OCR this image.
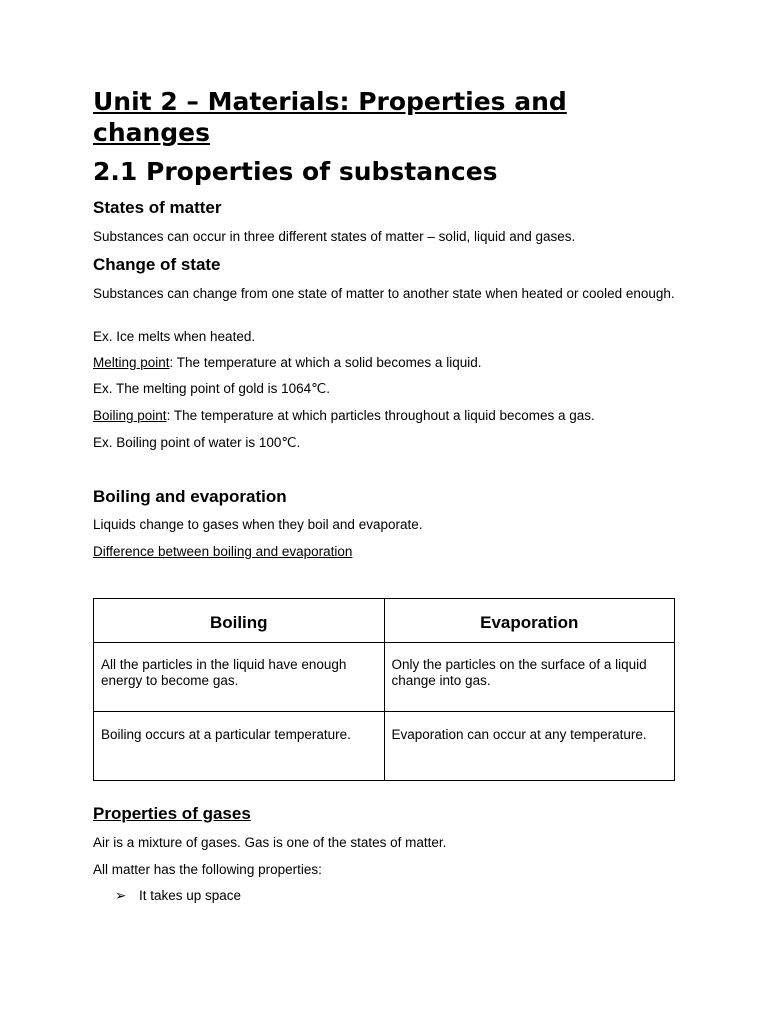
Unit 2 – Materials: Properties and changes
2.1 Properties of substances
States of matter

Substances can occur in three different states of matter – solid, liquid and gases.

Change of state

Substances can change from one state of matter to another state when heated or cooled enough.

Ex. Ice melts when heated.

Melting point: The temperature at which a solid becomes a liquid.

Ex. The melting point of gold is 1064℃.

Boiling point: The temperature at which particles throughout a liquid becomes a gas.

Ex. Boiling point of water is 100℃.

Boiling and evaporation

Liquids change to gases when they boil and evaporate.

Difference between boiling and evaporation

Boiling	Evaporation
All the particles in the liquid have enough energy to become gas.	Only the particles on the surface of a liquid change into gas.
Boiling occurs at a particular temperature.	Evaporation can occur at any temperature.
Properties of gases

Air is a mixture of gases. Gas is one of the states of matter.

All matter has the following properties:

➢ It takes up space
